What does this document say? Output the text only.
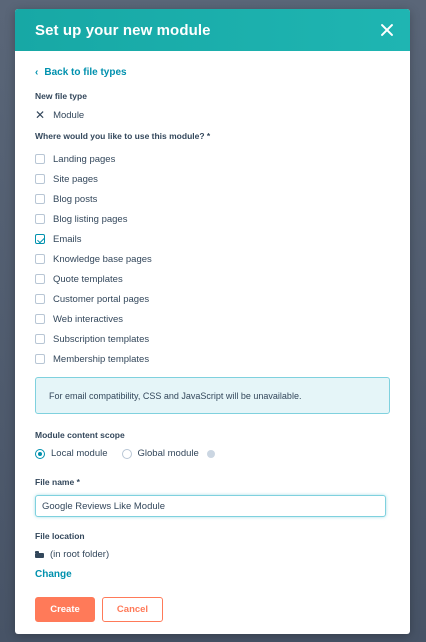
Set up your new module
‹ Back to file types
New file type
✕ Module
Where would you like to use this module? *
Landing pages
Site pages
Blog posts
Blog listing pages
Emails
Knowledge base pages
Quote templates
Customer portal pages
Web interactives
Subscription templates
Membership templates
For email compatibility, CSS and JavaScript will be unavailable.
Module content scope
Local module	Global module
File name *
Google Reviews Like Module
File location
(in root folder)
Change
Create	Cancel
